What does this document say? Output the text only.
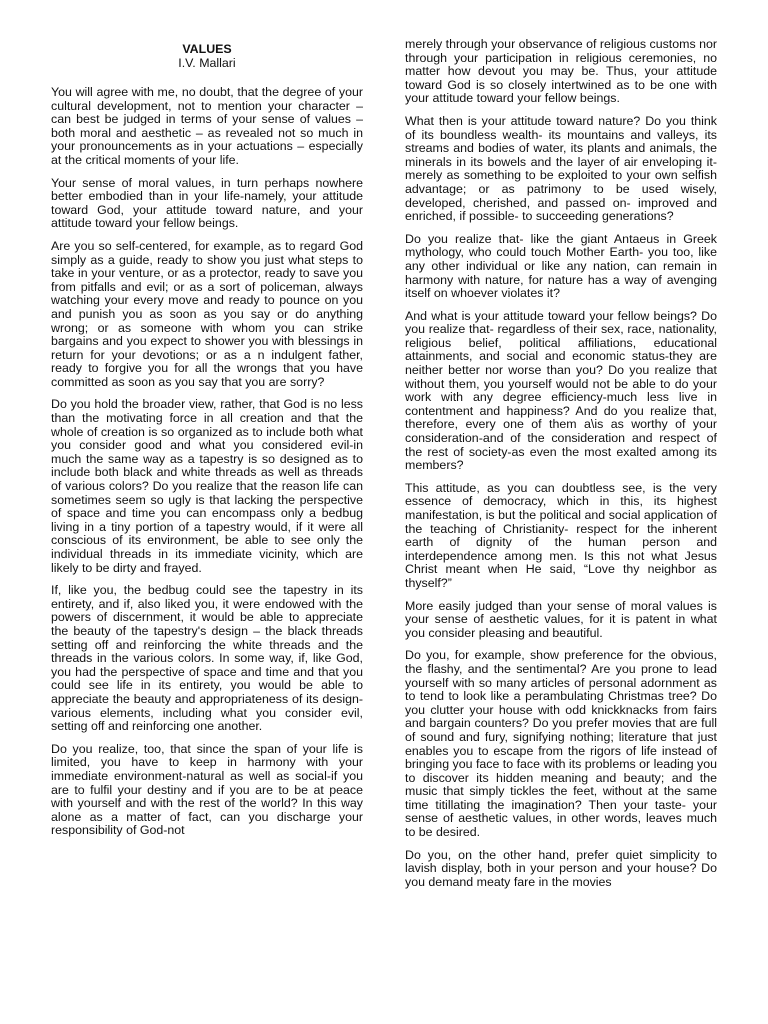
VALUES
I.V. Mallari

You will agree with me, no doubt, that the degree of your cultural development, not to mention your character – can best be judged in terms of your sense of values – both moral and aesthetic – as revealed not so much in your pronouncements as in your actuations – especially at the critical moments of your life.

Your sense of moral values, in turn perhaps nowhere better embodied than in your life-namely, your attitude toward God, your attitude toward nature, and your attitude toward your fellow beings.

Are you so self-centered, for example, as to regard God simply as a guide, ready to show you just what steps to take in your venture, or as a protector, ready to save you from pitfalls and evil; or as a sort of policeman, always watching your every move and ready to pounce on you and punish you as soon as you say or do anything wrong; or as someone with whom you can strike bargains and you expect to shower you with blessings in return for your devotions; or as a n indulgent father, ready to forgive you for all the wrongs that you have committed as soon as you say that you are sorry?

Do you hold the broader view, rather, that God is no less than the motivating force in all creation and that the whole of creation is so organized as to include both what you consider good and what you considered evil-in much the same way as a tapestry is so designed as to include both black and white threads as well as threads of various colors? Do you realize that the reason life can sometimes seem so ugly is that lacking the perspective of space and time you can encompass only a bedbug living in a tiny portion of a tapestry would, if it were all conscious of its environment, be able to see only the individual threads in its immediate vicinity, which are likely to be dirty and frayed.

If, like you, the bedbug could see the tapestry in its entirety, and if, also liked you, it were endowed with the powers of discernment, it would be able to appreciate the beauty of the tapestry's design – the black threads setting off and reinforcing the white threads and the threads in the various colors. In some way, if, like God, you had the perspective of space and time and that you could see life in its entirety, you would be able to appreciate the beauty and appropriateness of its design- various elements, including what you consider evil, setting off and reinforcing one another.

Do you realize, too, that since the span of your life is limited, you have to keep in harmony with your immediate environment-natural as well as social-if you are to fulfil your destiny and if you are to be at peace with yourself and with the rest of the world? In this way alone as a matter of fact, can you discharge your responsibility of God-not

merely through your observance of religious customs nor through your participation in religious ceremonies, no matter how devout you may be. Thus, your attitude toward God is so closely intertwined as to be one with your attitude toward your fellow beings.

What then is your attitude toward nature? Do you think of its boundless wealth- its mountains and valleys, its streams and bodies of water, its plants and animals, the minerals in its bowels and the layer of air enveloping it- merely as something to be exploited to your own selfish advantage; or as patrimony to be used wisely, developed, cherished, and passed on- improved and enriched, if possible- to succeeding generations?

Do you realize that- like the giant Antaeus in Greek mythology, who could touch Mother Earth- you too, like any other individual or like any nation, can remain in harmony with nature, for nature has a way of avenging itself on whoever violates it?

And what is your attitude toward your fellow beings? Do you realize that- regardless of their sex, race, nationality, religious belief, political affiliations, educational attainments, and social and economic status-they are neither better nor worse than you? Do you realize that without them, you yourself would not be able to do your work with any degree efficiency-much less live in contentment and happiness? And do you realize that, therefore, every one of them a\is as worthy of your consideration-and of the consideration and respect of the rest of society-as even the most exalted among its members?

This attitude, as you can doubtless see, is the very essence of democracy, which in this, its highest manifestation, is but the political and social application of the teaching of Christianity- respect for the inherent earth of dignity of the human person and interdependence among men. Is this not what Jesus Christ meant when He said, “Love thy neighbor as thyself?”

More easily judged than your sense of moral values is your sense of aesthetic values, for it is patent in what you consider pleasing and beautiful.

Do you, for example, show preference for the obvious, the flashy, and the sentimental? Are you prone to lead yourself with so many articles of personal adornment as to tend to look like a perambulating Christmas tree? Do you clutter your house with odd knickknacks from fairs and bargain counters? Do you prefer movies that are full of sound and fury, signifying nothing; literature that just enables you to escape from the rigors of life instead of bringing you face to face with its problems or leading you to discover its hidden meaning and beauty; and the music that simply tickles the feet, without at the same time titillating the imagination? Then your taste- your sense of aesthetic values, in other words, leaves much to be desired.

Do you, on the other hand, prefer quiet simplicity to lavish display, both in your person and your house? Do you demand meaty fare in the movies
